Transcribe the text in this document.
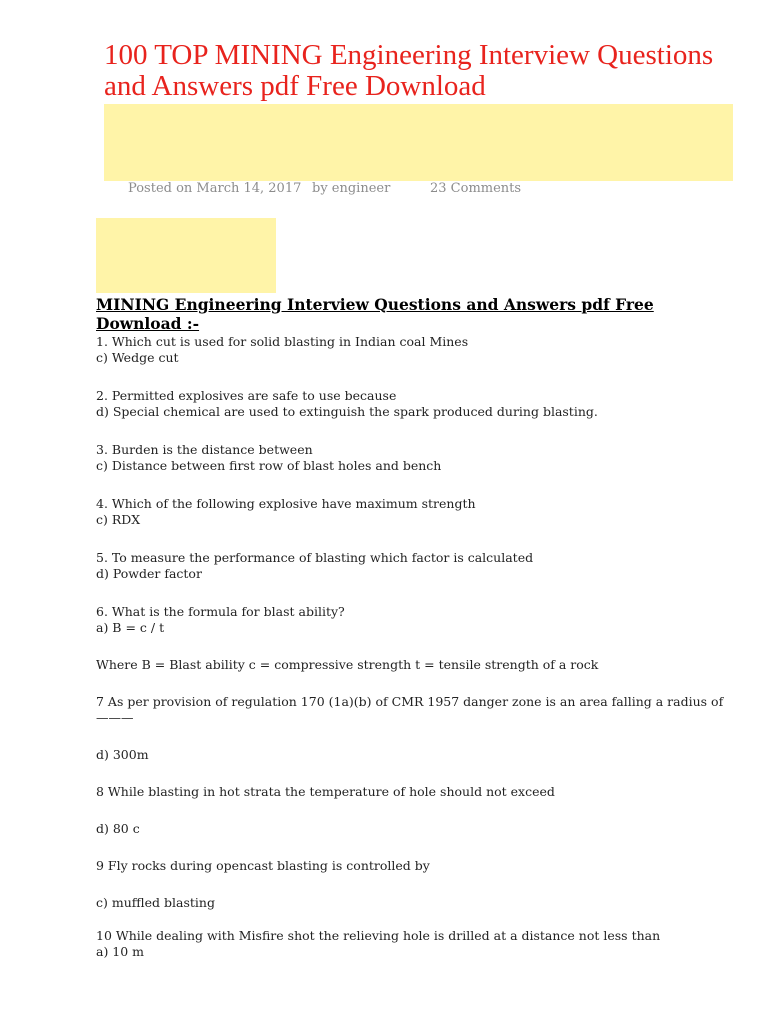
100 TOP MINING Engineering Interview Questions and Answers pdf Free Download
Posted on March 14, 2017 by engineer	23 Comments
MINING Engineering Interview Questions and Answers pdf Free Download :-

1. Which cut is used for solid blasting in Indian coal Mines

c) Wedge cut

2. Permitted explosives are safe to use because

d) Special chemical are used to extinguish the spark produced during blasting.

3. Burden is the distance between

c) Distance between first row of blast holes and bench

4. Which of the following explosive have maximum strength

c) RDX

5. To measure the performance of blasting which factor is calculated

d) Powder factor

6. What is the formula for blast ability?

a) B = c / t

Where B = Blast ability c = compressive strength t = tensile strength of a rock

7 As per provision of regulation 170 (1a)(b) of CMR 1957 danger zone is an area falling a radius of ———

d) 300m

8 While blasting in hot strata the temperature of hole should not exceed

d) 80 c

9 Fly rocks during opencast blasting is controlled by

c) muffled blasting

10 While dealing with Misfire shot the relieving hole is drilled at a distance not less than

a) 10 m
